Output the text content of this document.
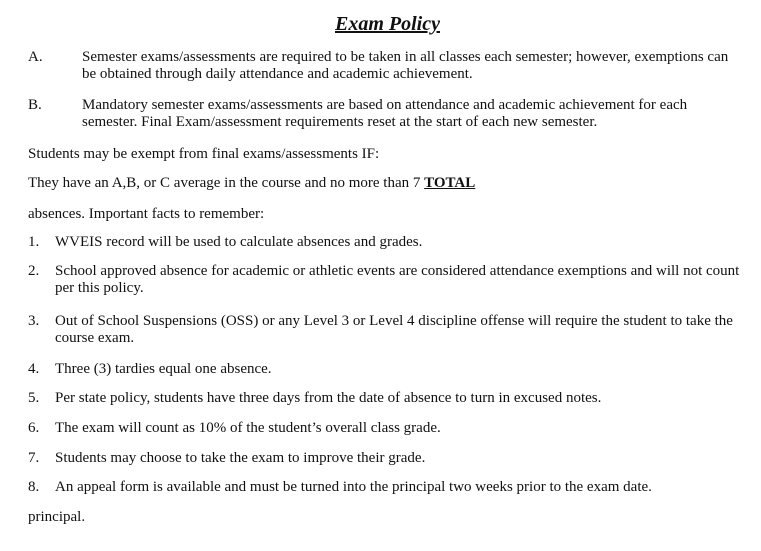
Exam Policy
A.	Semester exams/assessments are required to be taken in all classes each semester; however, exemptions can be obtained through daily attendance and academic achievement.
B.	Mandatory semester exams/assessments are based on attendance and academic achievement for each semester. Final Exam/assessment requirements reset at the start of each new semester.
Students may be exempt from final exams/assessments IF:
They have an A,B, or C average in the course and no more than 7 TOTAL
absences. Important facts to remember:
1. WVEIS record will be used to calculate absences and grades.
2. School approved absence for academic or athletic events are considered attendance exemptions and will not count per this policy.
3. Out of School Suspensions (OSS) or any Level 3 or Level 4 discipline offense will require the student to take the course exam.
4. Three (3) tardies equal one absence.
5. Per state policy, students have three days from the date of absence to turn in excused notes.
6. The exam will count as 10% of the student’s overall class grade.
7. Students may choose to take the exam to improve their grade.
8. An appeal form is available and must be turned into the principal two weeks prior to the exam date.
principal.
